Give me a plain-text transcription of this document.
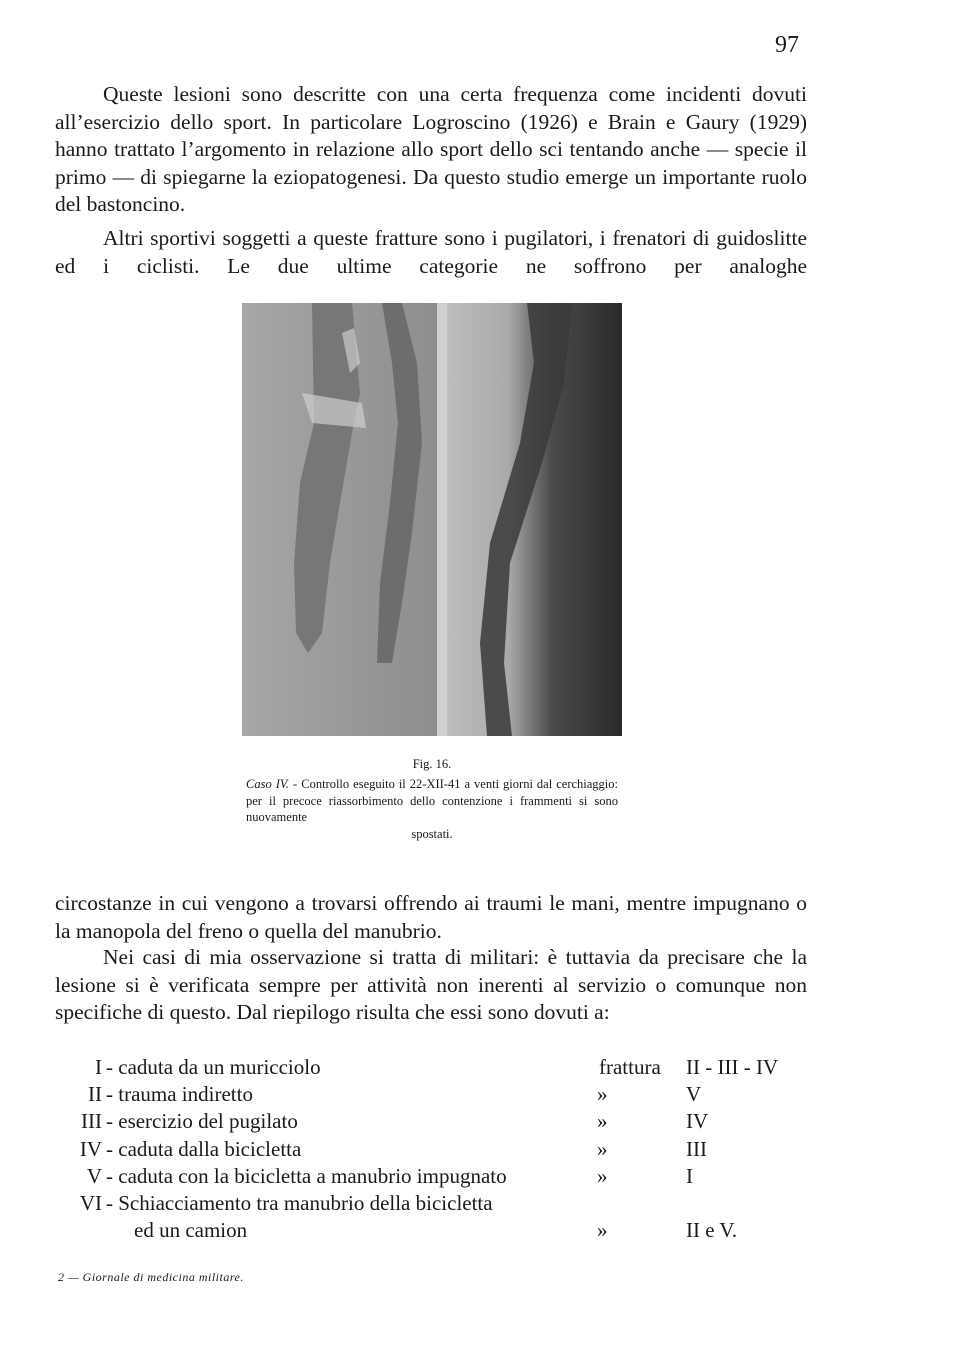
97

Queste lesioni sono descritte con una certa frequenza come incidenti dovuti all’esercizio dello sport. In particolare Logroscino (1926) e Brain e Gaury (1929) hanno trattato l’argomento in relazione allo sport dello sci tentando anche — specie il primo — di spiegarne la eziopatogenesi. Da questo studio emerge un importante ruolo del bastoncino.

Altri sportivi soggetti a queste fratture sono i pugilatori, i frenatori di guidoslitte ed i ciclisti. Le due ultime categorie ne soffrono per analoghe

Fig. 16.

Caso IV. - Controllo eseguito il 22-XII-41 a venti giorni dal cerchiaggio: per il precoce riassorbimento dello contenzione i frammenti si sono nuovamente
spostati.

circostanze in cui vengono a trovarsi offrendo ai traumi le mani, mentre impugnano o la manopola del freno o quella del manubrio.

Nei casi di mia osservazione si tratta di militari: è tuttavia da precisare che la lesione si è verificata sempre per attività non inerenti al servizio o comunque non specifiche di questo. Dal riepilogo risulta che essi sono dovuti a:

I - caduta da un muricciolo	frattura II - III - IV
II - trauma indiretto	»	V
III - esercizio del pugilato	»	IV
IV - caduta dalla bicicletta	»	III
V - caduta con la bicicletta a manubrio impugnato	»	I
VI - Schiacciamento tra manubrio della bicicletta
ed un camion	»	II e V.
2 — Giornale di medicina militare.
